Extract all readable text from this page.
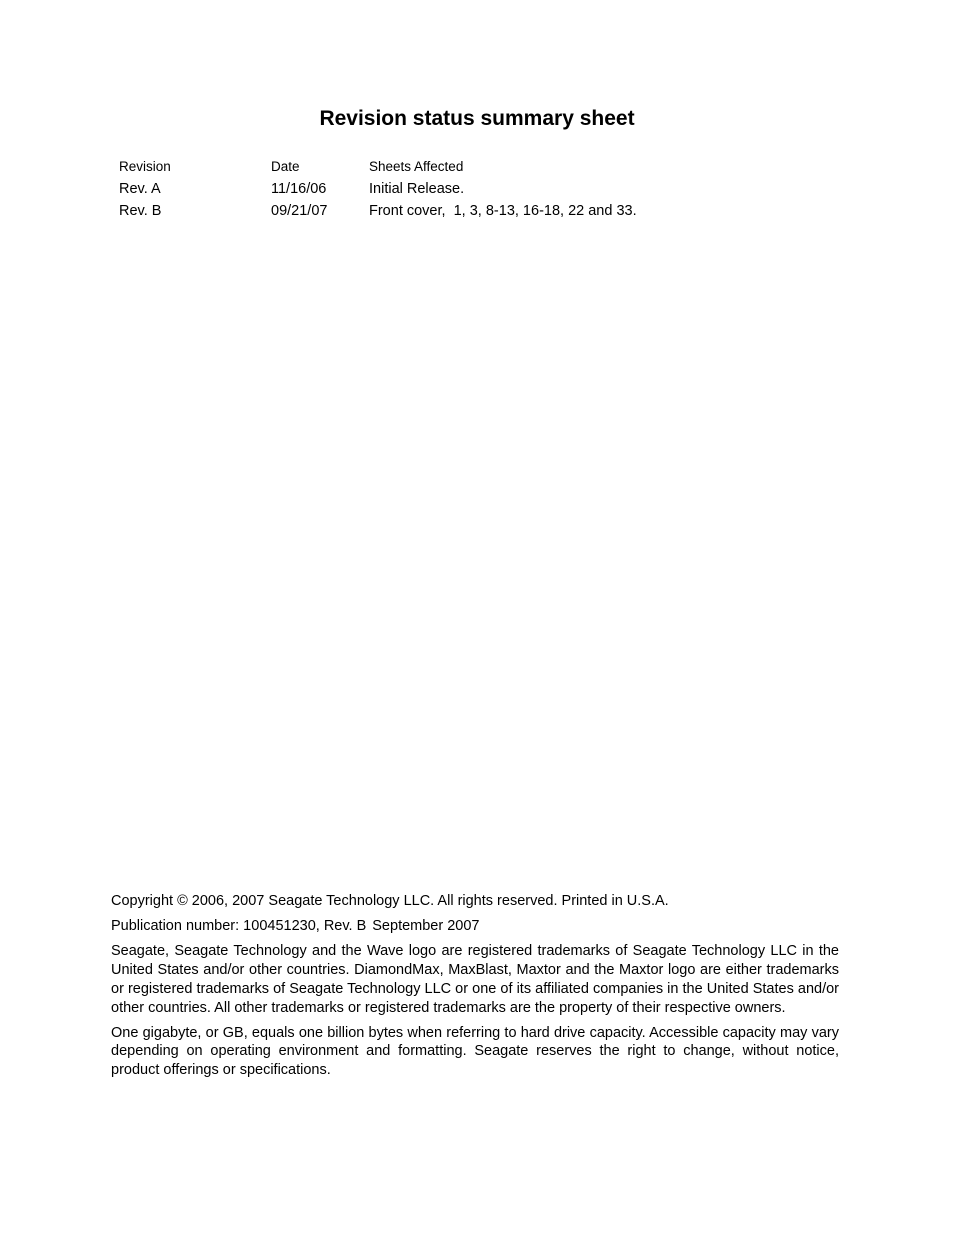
Revision status summary sheet
Revision	Date	Sheets Affected
Rev. A	11/16/06	Initial Release.
Rev. B	09/21/07	Front cover,  1, 3, 8-13, 16-18, 22 and 33.

Copyright © 2006, 2007 Seagate Technology LLC. All rights reserved. Printed in U.S.A.

Publication number: 100451230, Rev. B September 2007

Seagate, Seagate Technology and the Wave logo are registered trademarks of Seagate Technology LLC in the United States and/or other countries. DiamondMax, MaxBlast, Maxtor and the Maxtor logo are either trademarks or registered trademarks of Seagate Technology LLC or one of its affiliated companies in the United States and/or other countries. All other trademarks or registered trademarks are the property of their respective owners.

One gigabyte, or GB, equals one billion bytes when referring to hard drive capacity. Accessible capacity may vary depending on operating environment and formatting. Seagate reserves the right to change, without notice, product offerings or specifications.
